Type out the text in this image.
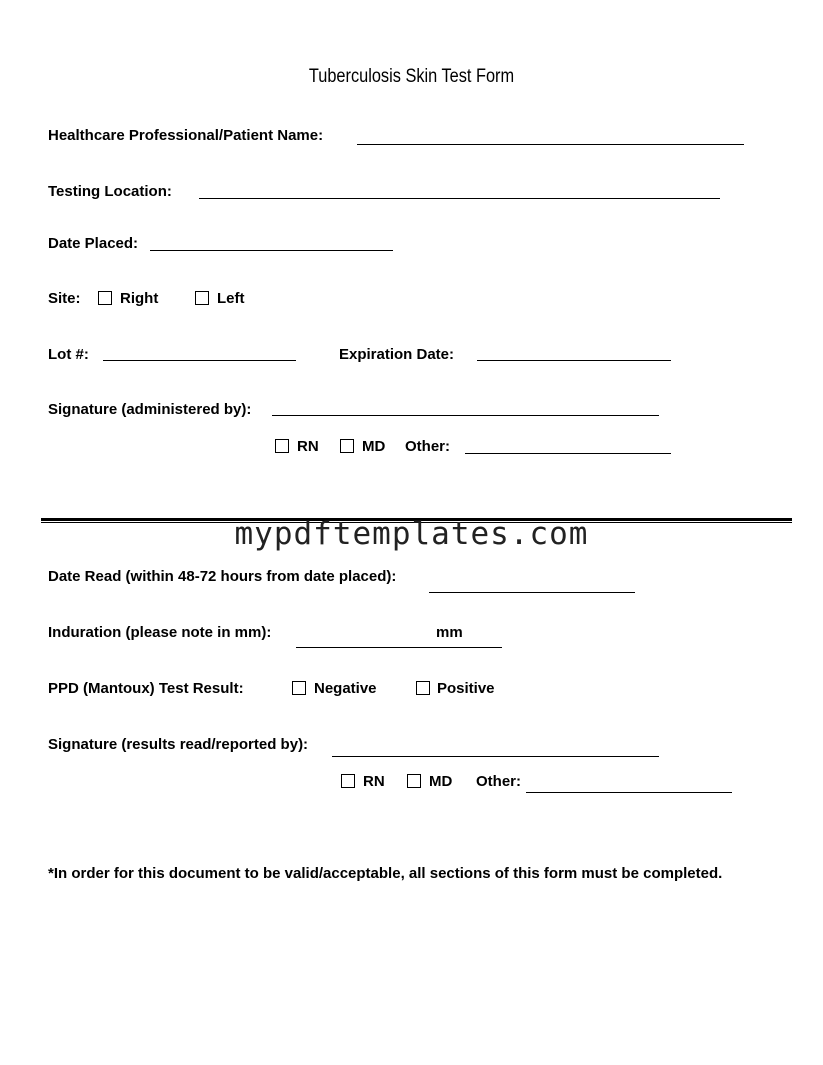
Tuberculosis Skin Test Form
Healthcare Professional/Patient Name:
Testing Location:
Date Placed:
Site:	Right	Left
Lot #:	Expiration Date:
Signature (administered by):
RN	MD Other:
mypdftemplates.com
Date Read (within 48-72 hours from date placed):
Induration (please note in mm):	mm
PPD (Mantoux) Test Result:	Negative	Positive
Signature (results read/reported by):
RN	MD Other:
*In order for this document to be valid/acceptable, all sections of this form must be completed.
